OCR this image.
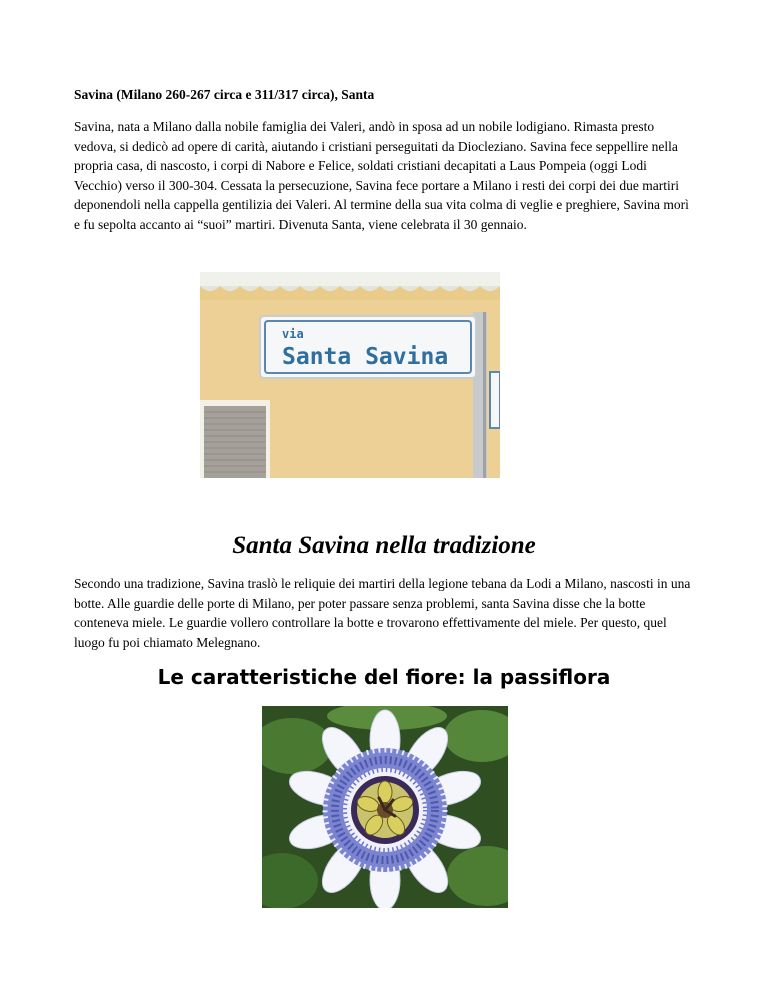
Savina (Milano 260-267 circa e 311/317 circa), Santa

Savina, nata a Milano dalla nobile famiglia dei Valeri, andò in sposa ad un nobile lodigiano. Rimasta presto vedova, si dedicò ad opere di carità, aiutando i cristiani perseguitati da Diocleziano. Savina fece seppellire nella propria casa, di nascosto, i corpi di Nabore e Felice, soldati cristiani decapitati a Laus Pompeia (oggi Lodi Vecchio) verso il 300-304. Cessata la persecuzione, Savina fece portare a Milano i resti dei corpi dei due martiri deponendoli nella cappella gentilizia dei Valeri. Al termine della sua vita colma di veglie e preghiere, Savina morì e fu sepolta accanto ai “suoi” martiri. Divenuta Santa, viene celebrata il 30 gennaio.

via
Santa Savina
Santa Savina nella tradizione

Secondo una tradizione, Savina traslò le reliquie dei martiri della legione tebana da Lodi a Milano, nascosti in una botte. Alle guardie delle porte di Milano, per poter passare senza problemi, santa Savina disse che la botte conteneva miele. Le guardie vollero controllare la botte e trovarono effettivamente del miele. Per questo, quel luogo fu poi chiamato Melegnano.

Le caratteristiche del fiore: la passiflora
